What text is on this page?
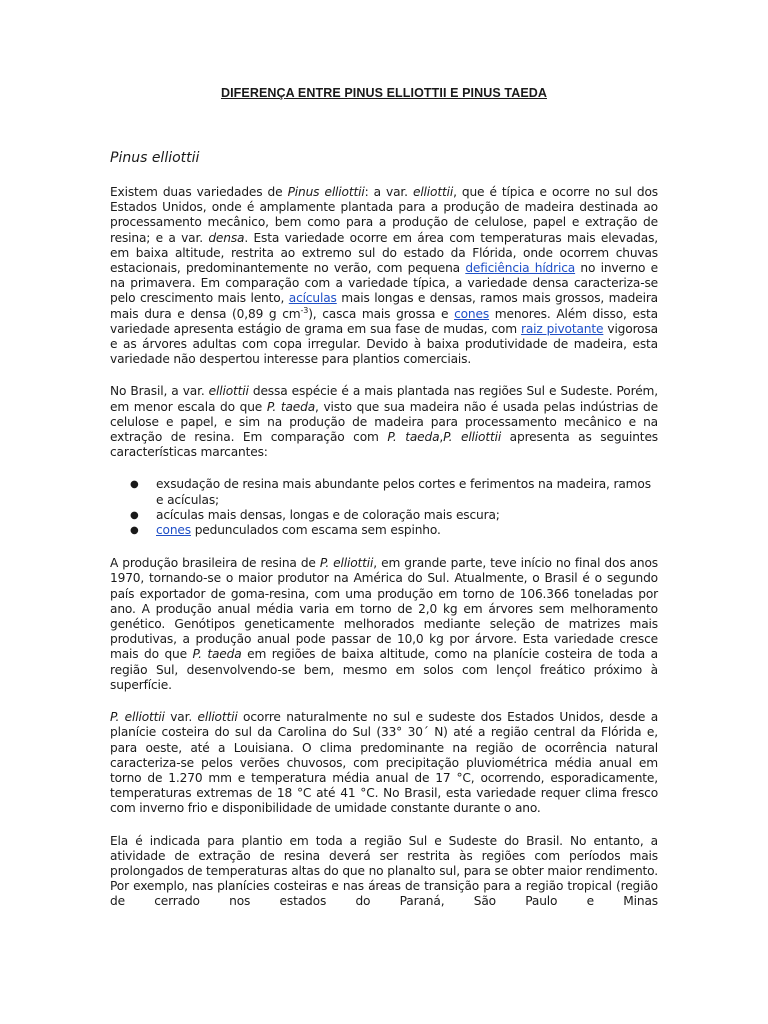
DIFERENÇA ENTRE PINUS ELLIOTTII E PINUS TAEDA
Pinus elliottii

Existem duas variedades de Pinus elliottii: a var. elliottii, que é típica e ocorre no sul dos Estados Unidos, onde é amplamente plantada para a produção de madeira destinada ao processamento mecânico, bem como para a produção de celulose, papel e extração de resina; e a var. densa. Esta variedade ocorre em área com temperaturas mais elevadas, em baixa altitude, restrita ao extremo sul do estado da Flórida, onde ocorrem chuvas estacionais, predominantemente no verão, com pequena deficiência hídrica no inverno e na primavera. Em comparação com a variedade típica, a variedade densa caracteriza-se pelo crescimento mais lento, acículas mais longas e densas, ramos mais grossos, madeira mais dura e densa (0,89 g $cm^{-3}$), casca mais grossa e cones menores. Além disso, esta variedade apresenta estágio de grama em sua fase de mudas, com raiz pivotante vigorosa e as árvores adultas com copa irregular. Devido à baixa produtividade de madeira, esta variedade não despertou interesse para plantios comerciais.

No Brasil, a var. elliottii dessa espécie é a mais plantada nas regiões Sul e Sudeste. Porém, em menor escala do que P. taeda, visto que sua madeira não é usada pelas indústrias de celulose e papel, e sim na produção de madeira para processamento mecânico e na extração de resina. Em comparação com P. taeda,P. elliottii apresenta as seguintes características marcantes:

● exsudação de resina mais abundante pelos cortes e ferimentos na madeira, ramos e acículas;
● acículas mais densas, longas e de coloração mais escura;
● cones pedunculados com escama sem espinho.

A produção brasileira de resina de P. elliottii, em grande parte, teve início no final dos anos 1970, tornando-se o maior produtor na América do Sul. Atualmente, o Brasil é o segundo país exportador de goma-resina, com uma produção em torno de 106.366 toneladas por ano. A produção anual média varia em torno de 2,0 kg em árvores sem melhoramento genético. Genótipos geneticamente melhorados mediante seleção de matrizes mais produtivas, a produção anual pode passar de 10,0 kg por árvore. Esta variedade cresce mais do que P. taeda em regiões de baixa altitude, como na planície costeira de toda a região Sul, desenvolvendo-se bem, mesmo em solos com lençol freático próximo à superfície.

P. elliottii var. elliottii ocorre naturalmente no sul e sudeste dos Estados Unidos, desde a planície costeira do sul da Carolina do Sul (33° 30´ N) até a região central da Flórida e, para oeste, até a Louisiana. O clima predominante na região de ocorrência natural caracteriza-se pelos verões chuvosos, com precipitação pluviométrica média anual em torno de 1.270 mm e temperatura média anual de 17 °C, ocorrendo, esporadicamente, temperaturas extremas de 18 °C até 41 °C. No Brasil, esta variedade requer clima fresco com inverno frio e disponibilidade de umidade constante durante o ano.

Ela é indicada para plantio em toda a região Sul e Sudeste do Brasil. No entanto, a atividade de extração de resina deverá ser restrita às regiões com períodos mais prolongados de temperaturas altas do que no planalto sul, para se obter maior rendimento. Por exemplo, nas planícies costeiras e nas áreas de transição para a região tropical (região de cerrado nos estados do Paraná, São Paulo e Minas
